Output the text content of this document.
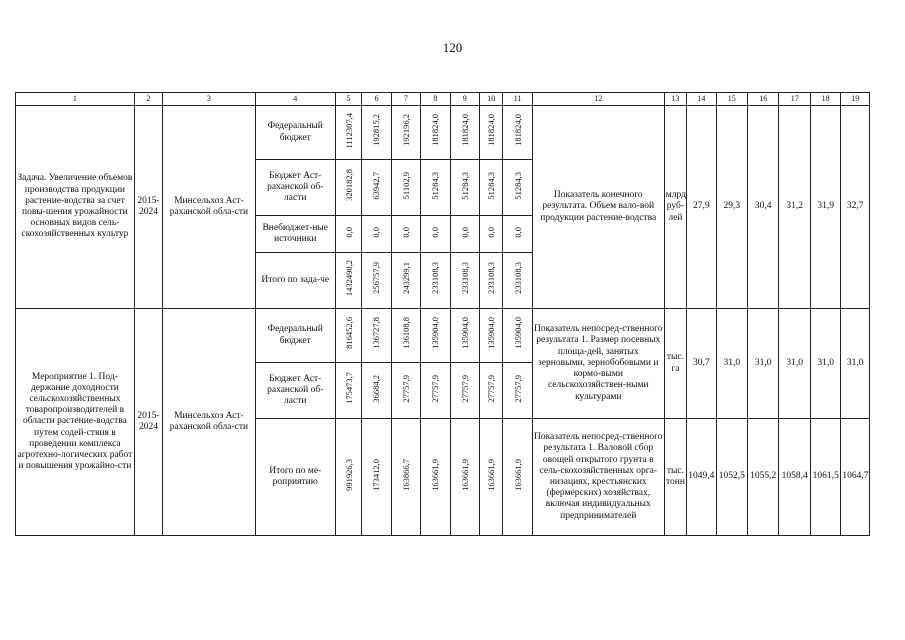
120
1	2	3	4	5	6	7	8	9	10	11	12	13	14	15	16	17	18	19
Задача. Увеличение объемов производства продукции растение-водства за счет повы-шения урожайности основных видов сель-скохозяйственных культур	2015-2024	Минсельхоз Аст-раханской обла-сти	Федеральный бюджет	1112307,4	192815,2	192196,2	181824,0	181824,0	181824,0	181824,0	Показатель конечного результата. Объем вало-вой продукции растение-водства	млрд руб-лей	27,9	29,3	30,4	31,2	31,9	32,7
			Бюджет Аст-раханской об-ласти	320182,8	63942,7	51102,9	51284,3	51284,3	51284,3	51284,3								
			Внебюджет-ные источники	0,0	0,0	0,0	0,0	0,0	0,0	0,0								
			Итого по зада-че	1432490,2	256757,9	243299,1	233108,3	233108,3	233108,3	233108,3								
Мероприятие 1. Под-держание доходности сельскохозяйственных товаропроизводителей в области растение-водства путем содей-ствия в проведении комплекса агротехно-логических работ и повышения урожайно-сти	2015-2024	Минсельхоз Аст-раханской обла-сти	Федеральный бюджет	816452,6	136727,8	136108,8	135904,0	135904,0	135904,0	135904,0	Показатель непосред-ственного результата 1. Размер посевных площа-дей, занятых зерновыми, зернобобовыми и кормо-выми сельскохозяйствен-ными культурами	тыс. га	30,7	31,0	31,0	31,0	31,0	31,0
			Бюджет Аст-раханской об-ласти	175473,7	36684,2	27757,9	27757,9	27757,9	27757,9	27757,9								
			Итого по ме-роприятию	991926,3	173412,0	163866,7	163661,9	163661,9	163661,9	163661,9	Показатель непосред-ственного результата 1. Валовой сбор овощей открытого грунта в сель-скохозяйственных орга-низациях, крестьянских (фермерских) хозяйствах, включая индивидуальных предпринимателей	тыс. тонн	1049,4	1052,5	1055,2	1058,4	1061,5	1064,7
